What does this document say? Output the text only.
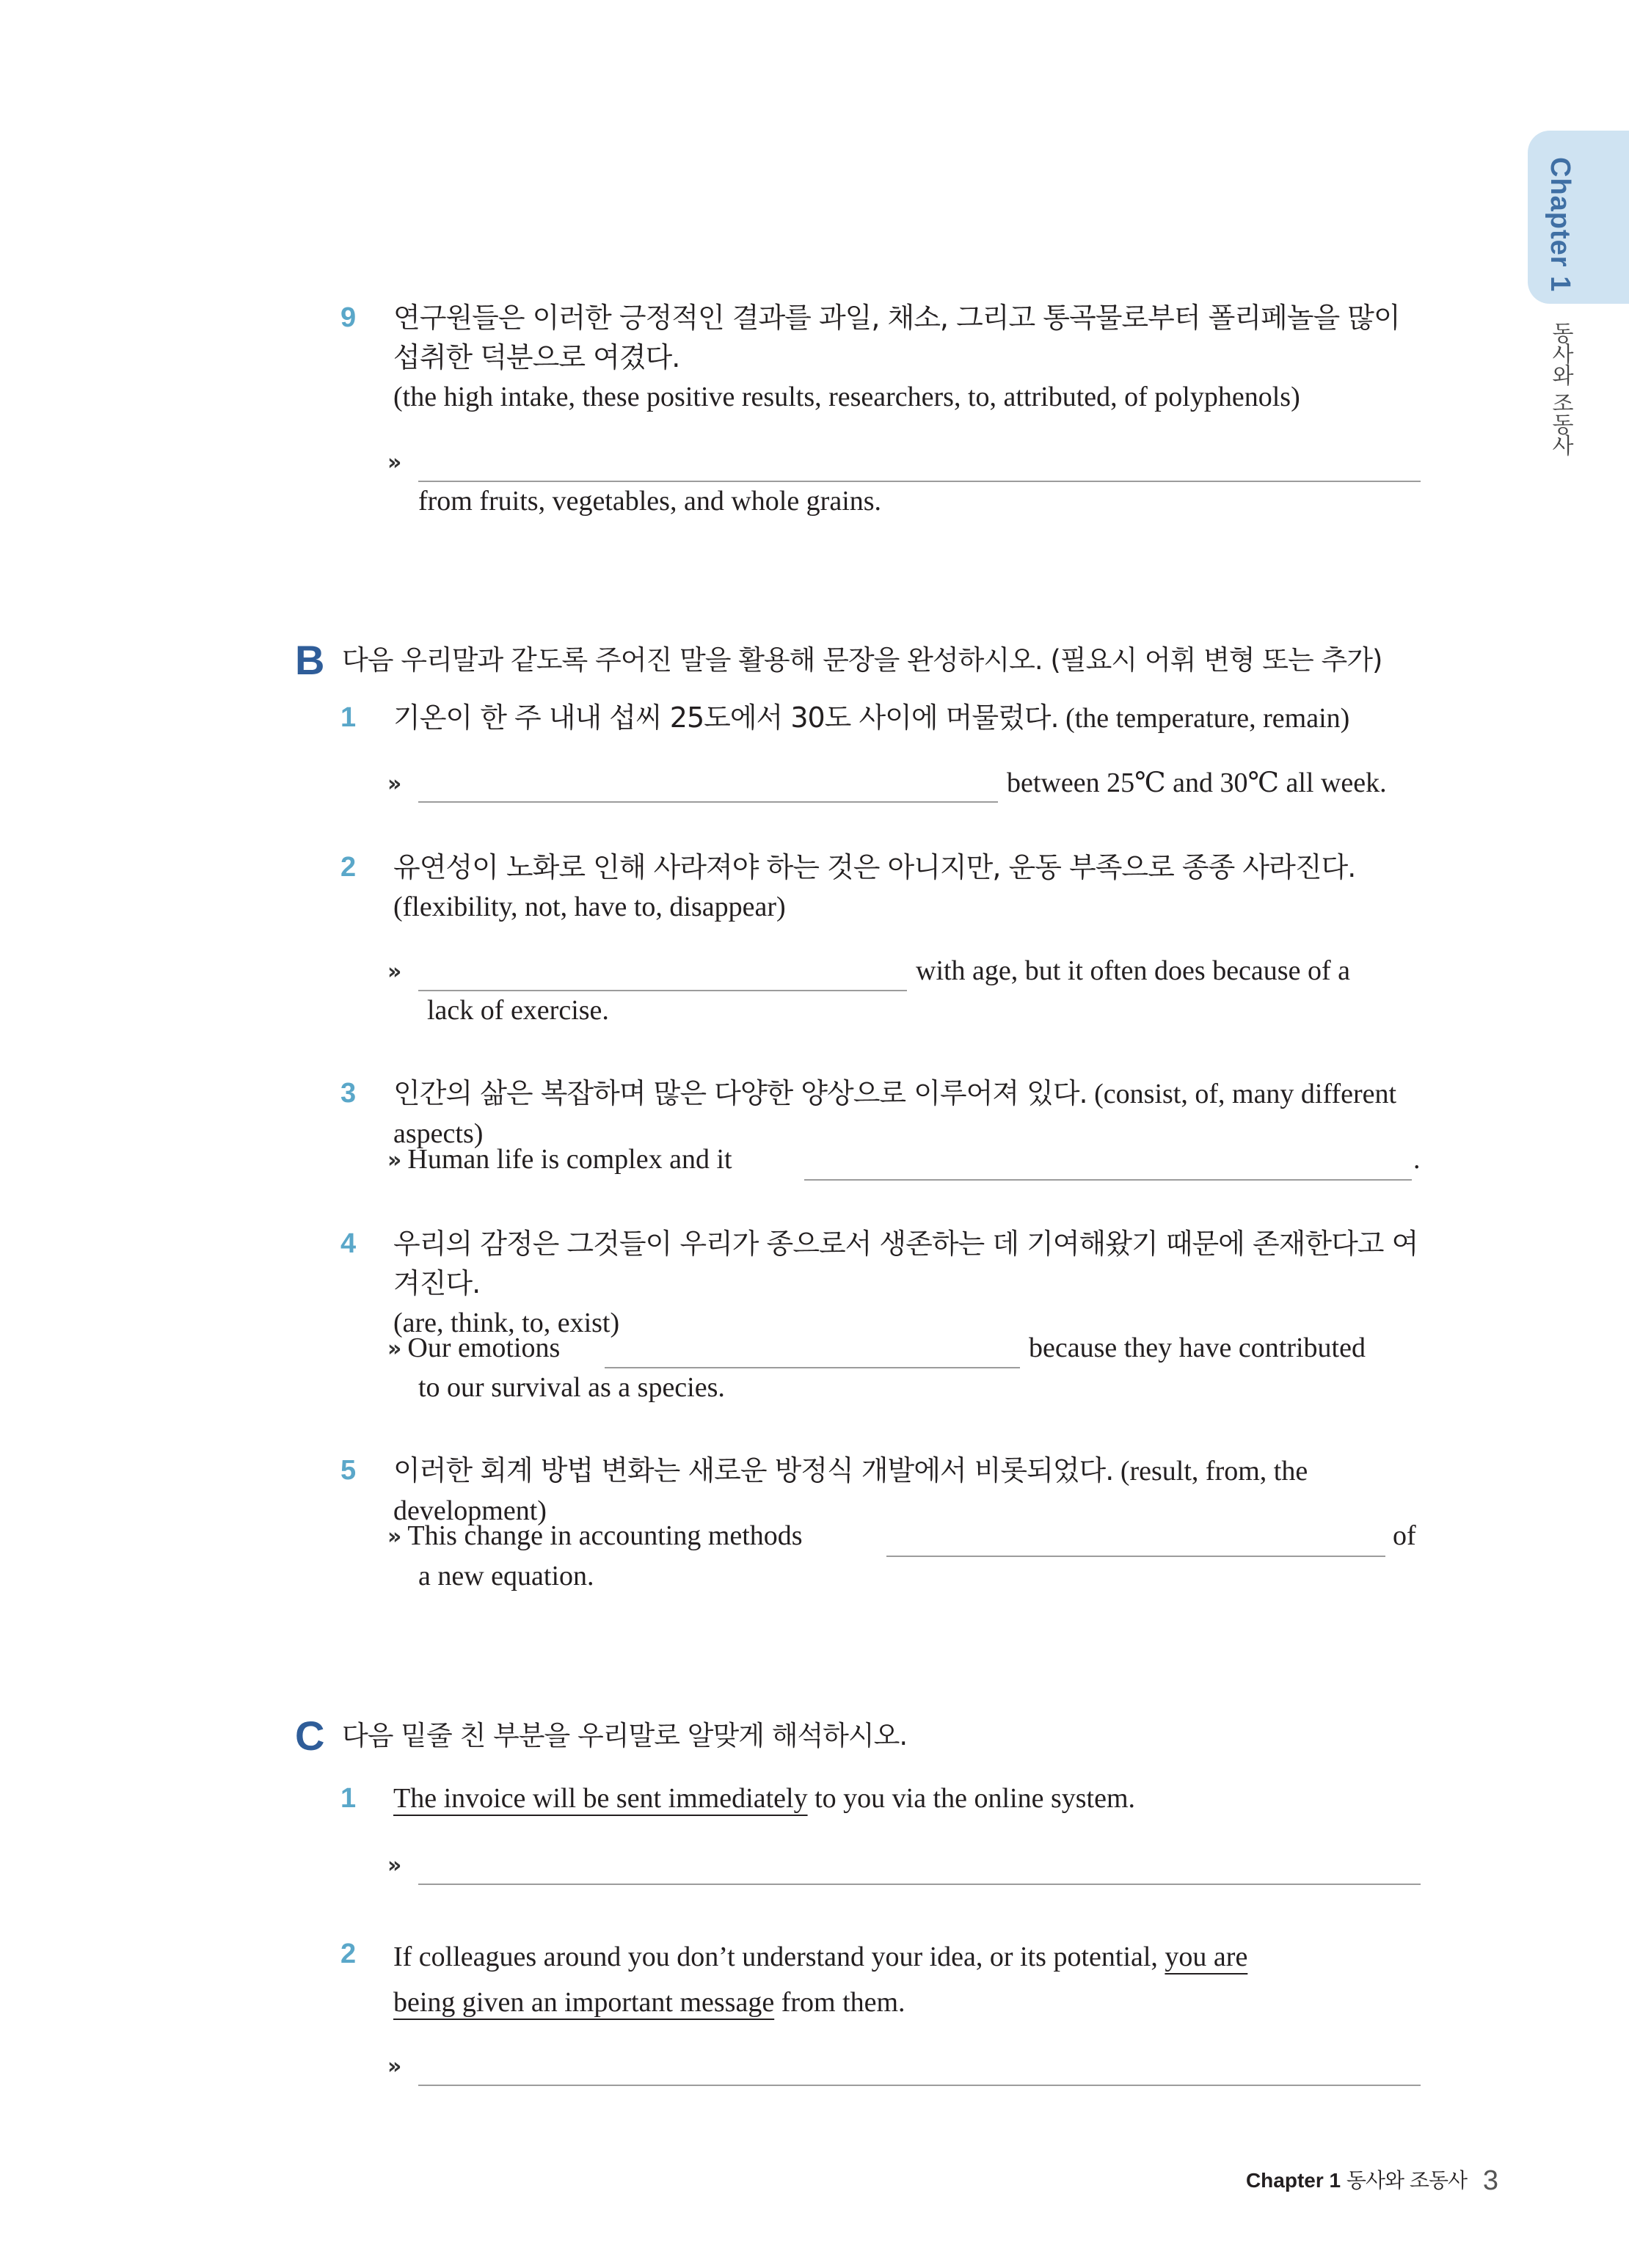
Chapter 1
동사와 조동사
9 연구원들은 이러한 긍정적인 결과를 과일, 채소, 그리고 통곡물로부터 폴리페놀을 많이 섭취한 덕분으로 여겼다.
(the high intake, these positive results, researchers, to, attributed, of polyphenols)
»
from fruits, vegetables, and whole grains.
B 다음 우리말과 같도록 주어진 말을 활용해 문장을 완성하시오. (필요시 어휘 변형 또는 추가)
1 기온이 한 주 내내 섭씨 25도에서 30도 사이에 머물렀다. (the temperature, remain)
»	between 25℃ and 30℃ all week.
2 유연성이 노화로 인해 사라져야 하는 것은 아니지만, 운동 부족으로 종종 사라진다.
(flexibility, not, have to, disappear)
»	with age, but it often does because of a
lack of exercise.
3 인간의 삶은 복잡하며 많은 다양한 양상으로 이루어져 있다. (consist, of, many different aspects)
» Human life is complex and it	.
4 우리의 감정은 그것들이 우리가 종으로서 생존하는 데 기여해왔기 때문에 존재한다고 여겨진다.
(are, think, to, exist)
» Our emotions	because they have contributed
to our survival as a species.
5 이러한 회계 방법 변화는 새로운 방정식 개발에서 비롯되었다. (result, from, the development)
» This change in accounting methods	of
a new equation.
C 다음 밑줄 친 부분을 우리말로 알맞게 해석하시오.
1 The invoice will be sent immediately to you via the online system.
»
2 If colleagues around you don’t understand your idea, or its potential, you are
being given an important message from them.
»
Chapter 1 동사와 조동사 3
